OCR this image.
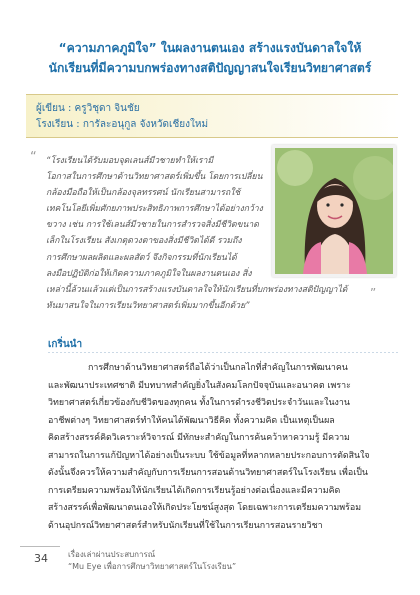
“ความภาคภูมิใจ” ในผลงานตนเอง สร้างแรงบันดาลใจให้
นักเรียนที่มีความบกพร่องทางสติปัญญาสนใจเรียนวิทยาศาสตร์
ผู้เขียน : ครูวิชุดา จินชัย
โรงเรียน : การัละอนุกูล จังหวัดเชียงใหม่
“ “โรงเรียนได้รับมอบจุดเลนส์มีวชายทำให้เรามี

โอกาสในการศึกษาด้านวิทยาศาสตร์เพิ่มขึ้น โดยการเปลี่ยน

กล้องมือถือให้เป็นกล้องจุลทรรศน์ นักเรียนสามารถใช้

เทคโนโลยีเพิ่มศักยภาพประสิทธิภาพการศึกษาได้อย่างกว้าง

ขวาง เช่น การใช้เลนส์มีวชายในการสำรวจสิ่งมีชีวิตขนาด

เล็กในโรงเรียน สังเกตุดวงตาของสิ่งมีชีวิตได้ดี รวมถึง

การศึกษาผลผลิตและผลสัตว์ จึงกิจกรรมที่นักเรียนได้

ลงมือปฏิบัติก่อให้เกิดความภาคภูมิใจในผลงานตนเอง สิ่ง

เหล่านี้ล้วนแล้วแต่เป็นการสร้างแรงบันดาลใจให้นักเรียนที่บกพร่องทางสติปัญญาได้

หันมาสนใจในการเรียนวิทยาศาสตร์เพิ่มมากขึ้นอีกด้วย”

”
เกริ่นนำ

การศึกษาด้านวิทยาศาสตร์ถือได้ว่าเป็นกลไกที่สำคัญในการพัฒนาคน

และพัฒนาประเทศชาติ มีบทบาทสำคัญยิ่งในสังคมโลกปัจจุบันและอนาคต เพราะ

วิทยาศาสตร์เกี่ยวข้องกับชีวิตของทุกคน ทั้งในการดำรงชีวิตประจำวันและในงาน

อาชีพต่างๆ วิทยาศาสตร์ทำให้คนได้พัฒนาวิธีคิด ทั้งความคิด เป็นเหตุเป็นผล

คิดสร้างสรรค์คิดวิเคราะห์วิจารณ์ มีทักษะสำคัญในการค้นคว้าหาความรู้ มีความ

สามารถในการแก้ปัญหาได้อย่างเป็นระบบ ใช้ข้อมูลที่หลากหลายประกอบการตัดสินใจ

ดังนั้นจึงควรให้ความสำคัญกับการเรียนการสอนด้านวิทยาศาสตร์ในโรงเรียน เพื่อเป็น

การเตรียมความพร้อมให้นักเรียนได้เกิดการเรียนรู้อย่างต่อเนื่องและมีความคิด

สร้างสรรค์เพื่อพัฒนาตนเองให้เกิดประโยชน์สูงสุด โดยเฉพาะการเตรียมความพร้อม

ด้านอุปกรณ์วิทยาศาสตร์สำหรับนักเรียนที่ใช้ในการเรียนการสอนรายวิชา

34	เรื่องเล่าผ่านประสบการณ์
“Mu Eye เพื่อการศึกษาวิทยาศาสตร์ในโรงเรียน”
